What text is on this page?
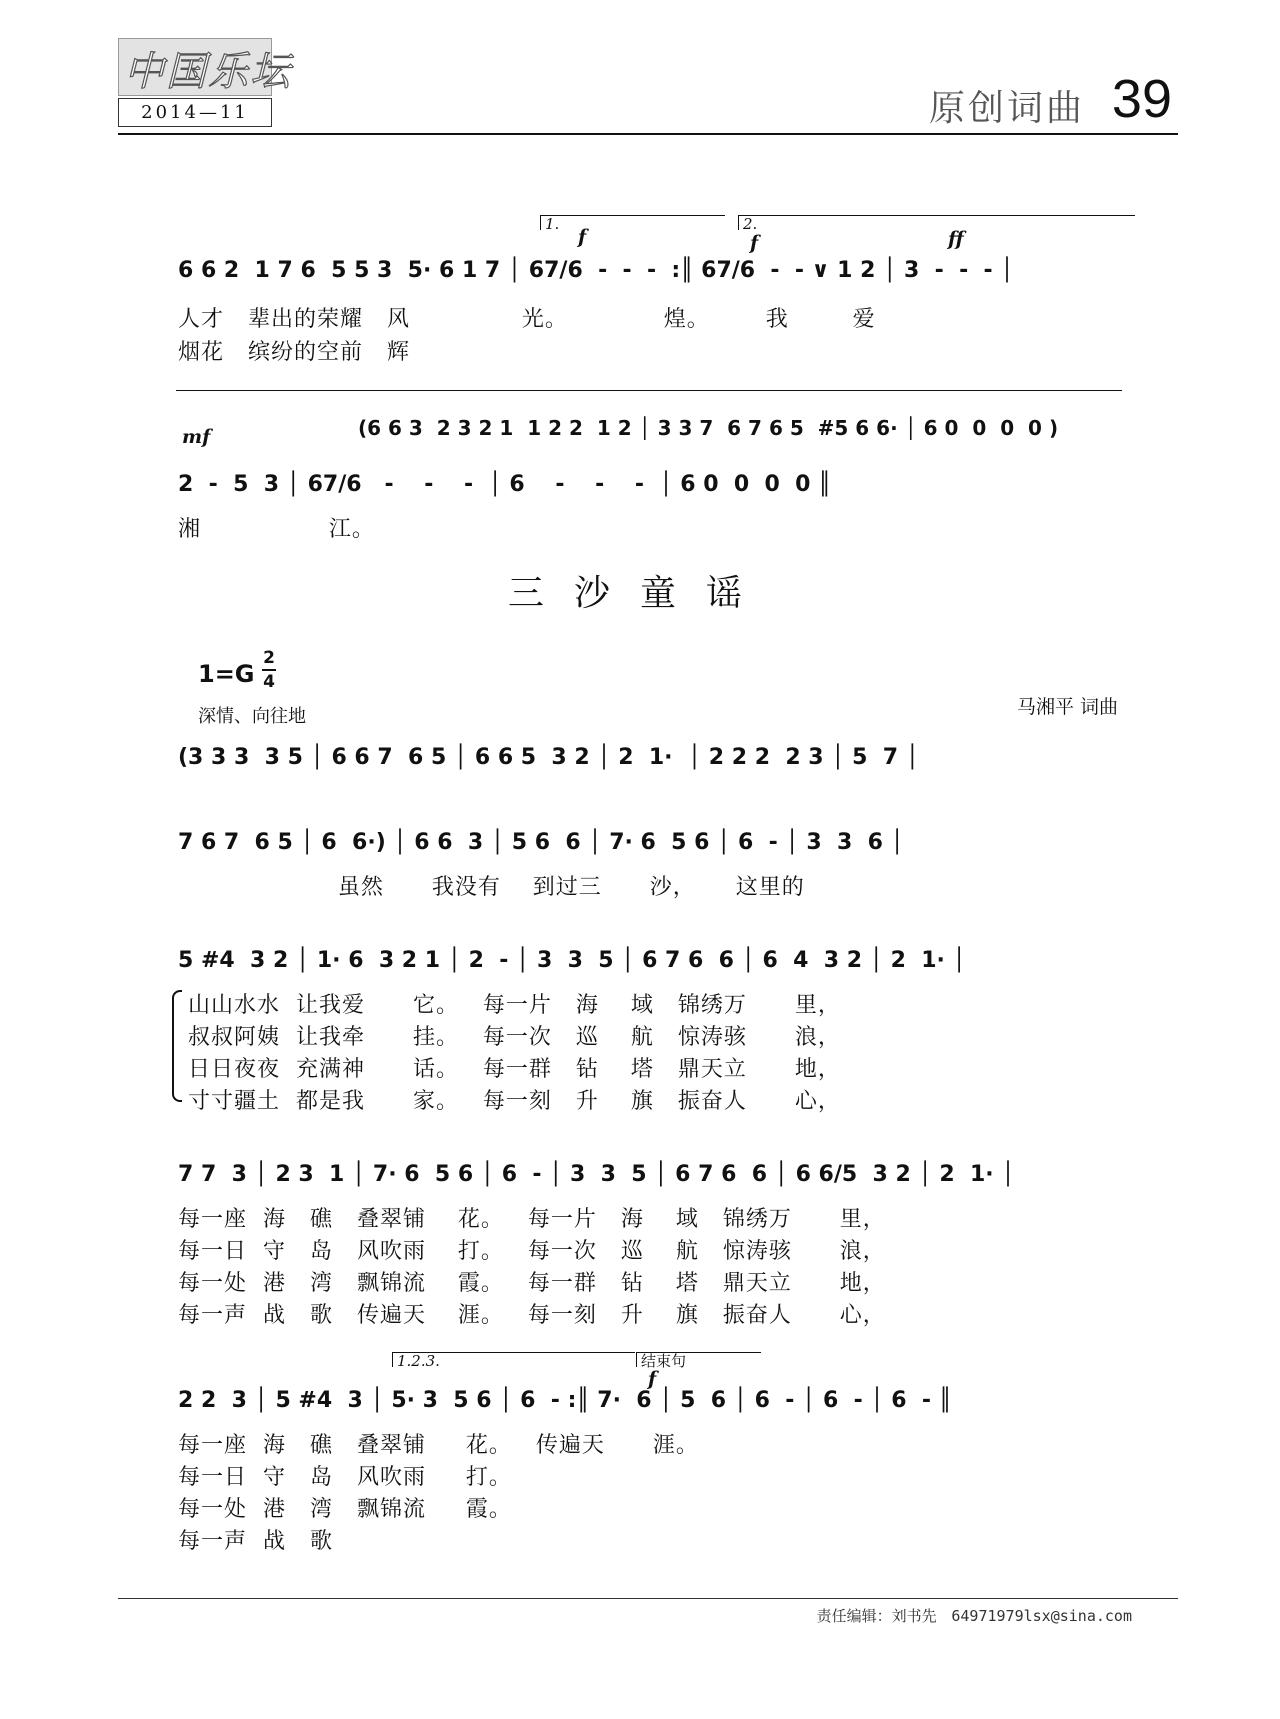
中国乐坛
2014—11	原创词曲 39
1.	2.
f	f	ff
6 6 2  1 7 6  5 5 3  5· 6 1 7 │ 67/6  -  -  -  :║ 67/6  -  - ∨ 1 2 │ 3  -  -  - │
人才   辈出的荣耀   风              光。            煌。       我        爱
烟花   缤纷的空前   辉
mf	(6 6 3  2 3 2 1  1 2 2  1 2 │ 3 3 7  6 7 6 5  #5 6 6· │ 6 0  0  0  0 )
2  -  5  3 │ 67/6   -    -    -  │ 6    -    -    -  │ 6 0  0  0  0 ║
湘                江。
三沙童谣
1=G
2
4
深情、向往地	马湘平 词曲
(3 3 3  3 5 │ 6 6 7  6 5 │ 6 6 5  3 2 │ 2  1·  │ 2 2 2  2 3 │ 5  7 │
7 6 7  6 5 │ 6  6·) │ 6 6  3 │ 5 6  6 │ 7· 6  5 6 │ 6  - │ 3  3  6 │
虽然      我没有    到过三      沙，     这里的
5 #4  3 2 │ 1· 6  3 2 1 │ 2  - │ 3  3  5 │ 6 7 6  6 │ 6  4  3 2 │ 2  1· │
山山水水  让我爱      它。   每一片   海    域   锦绣万      里，
叔叔阿姨  让我牵      挂。   每一次   巡    航   惊涛骇      浪，
日日夜夜  充满神      话。   每一群   钻    塔   鼎天立      地，
寸寸疆土  都是我      家。   每一刻   升    旗   振奋人      心，
7 7  3 │ 2 3  1 │ 7· 6  5 6 │ 6  - │ 3  3  5 │ 6 7 6  6 │ 6 6/5  3 2 │ 2  1· │
每一座  海   礁   叠翠铺    花。   每一片   海    域   锦绣万      里，
每一日  守   岛   风吹雨    打。   每一次   巡    航   惊涛骇      浪，
每一处  港   湾   飘锦流    霞。   每一群   钻    塔   鼎天立      地，
每一声  战   歌   传遍天    涯。   每一刻   升    旗   振奋人      心，
1.2.3.	结束句
f
2 2  3 │ 5 #4  3 │ 5· 3  5 6 │ 6  - :║ 7·  6 │ 5  6 │ 6  - │ 6  - │ 6  - ║
每一座  海   礁   叠翠铺     花。   传遍天      涯。
每一日  守   岛   风吹雨     打。
每一处  港   湾   飘锦流     霞。
每一声  战   歌
责任编辑：刘书先 64971979lsx@sina.com
